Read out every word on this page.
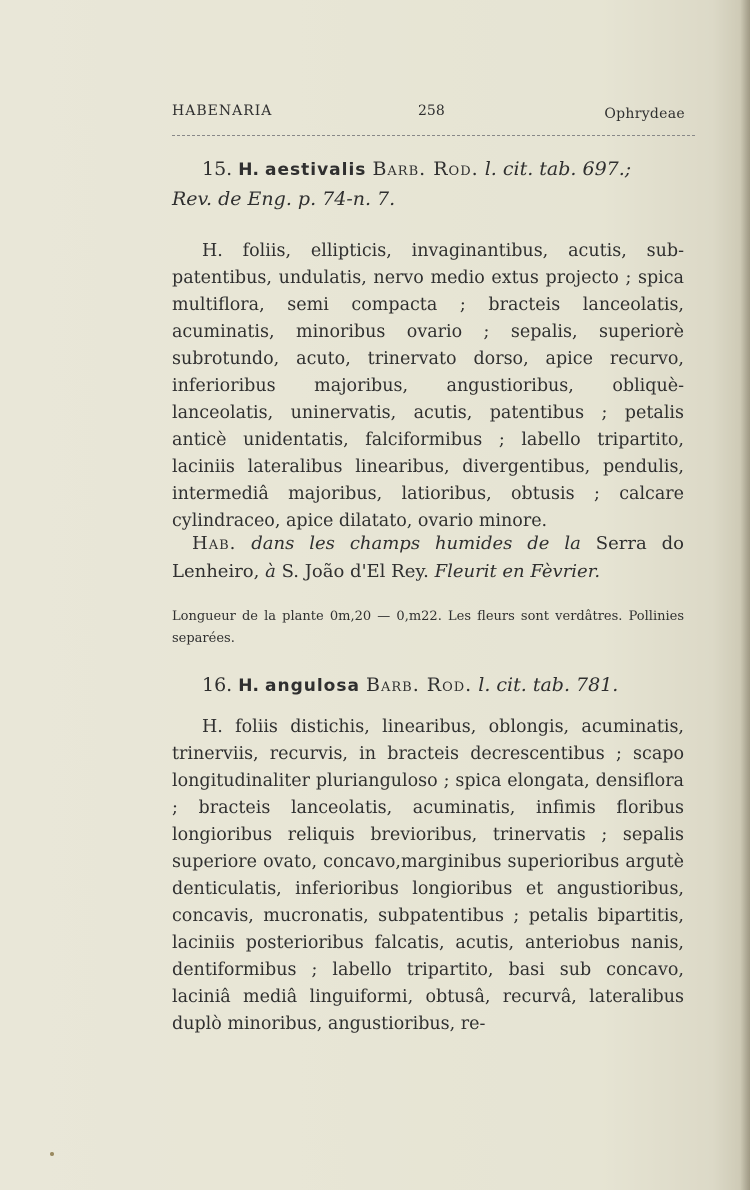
HABENARIA	258	Ophrydeae
15. H. aestivalis Barb. Rod. l. cit. tab. 697.;
Rev. de Eng. p. 74-n. 7.

H. foliis, ellipticis, invaginantibus, acutis, sub-patentibus, undulatis, nervo medio extus projecto ; spica multiflora, semi compacta ; bracteis lanceolatis, acuminatis, minoribus ovario ; sepalis, superiorè subrotundo, acuto, trinervato dorso, apice recurvo, inferioribus majoribus, angustioribus, obliquè-lanceolatis, uninervatis, acutis, patentibus ; petalis anticè unidentatis, falciformibus ; labello tripartito, laciniis lateralibus linearibus, divergentibus, pendulis, intermediâ majoribus, latioribus, obtusis ; calcare cylindraceo, apice dilatato, ovario minore.

Hab. dans les champs humides de la Serra do Lenheiro, à S. João d'El Rey. Fleurit en Fèvrier.

Longueur de la plante 0m,20 — 0,m22. Les fleurs sont verdâtres. Pollinies separées.

16. H. angulosa Barb. Rod. l. cit. tab. 781.

H. foliis distichis, linearibus, oblongis, acuminatis, trinerviis, recurvis, in bracteis decrescentibus ; scapo longitudinaliter plurianguloso ; spica elongata, densiflora ; bracteis lanceolatis, acuminatis, infimis floribus longioribus reliquis brevioribus, trinervatis ; sepalis superiore ovato, concavo,marginibus superioribus argutè denticulatis, inferioribus longioribus et angustioribus, concavis, mucronatis, subpatentibus ; petalis bipartitis, laciniis posterioribus falcatis, acutis, anteriobus nanis, dentiformibus ; labello tripartito, basi sub concavo, laciniâ mediâ linguiformi, obtusâ, recurvâ, lateralibus duplò minoribus, angustioribus, re-
